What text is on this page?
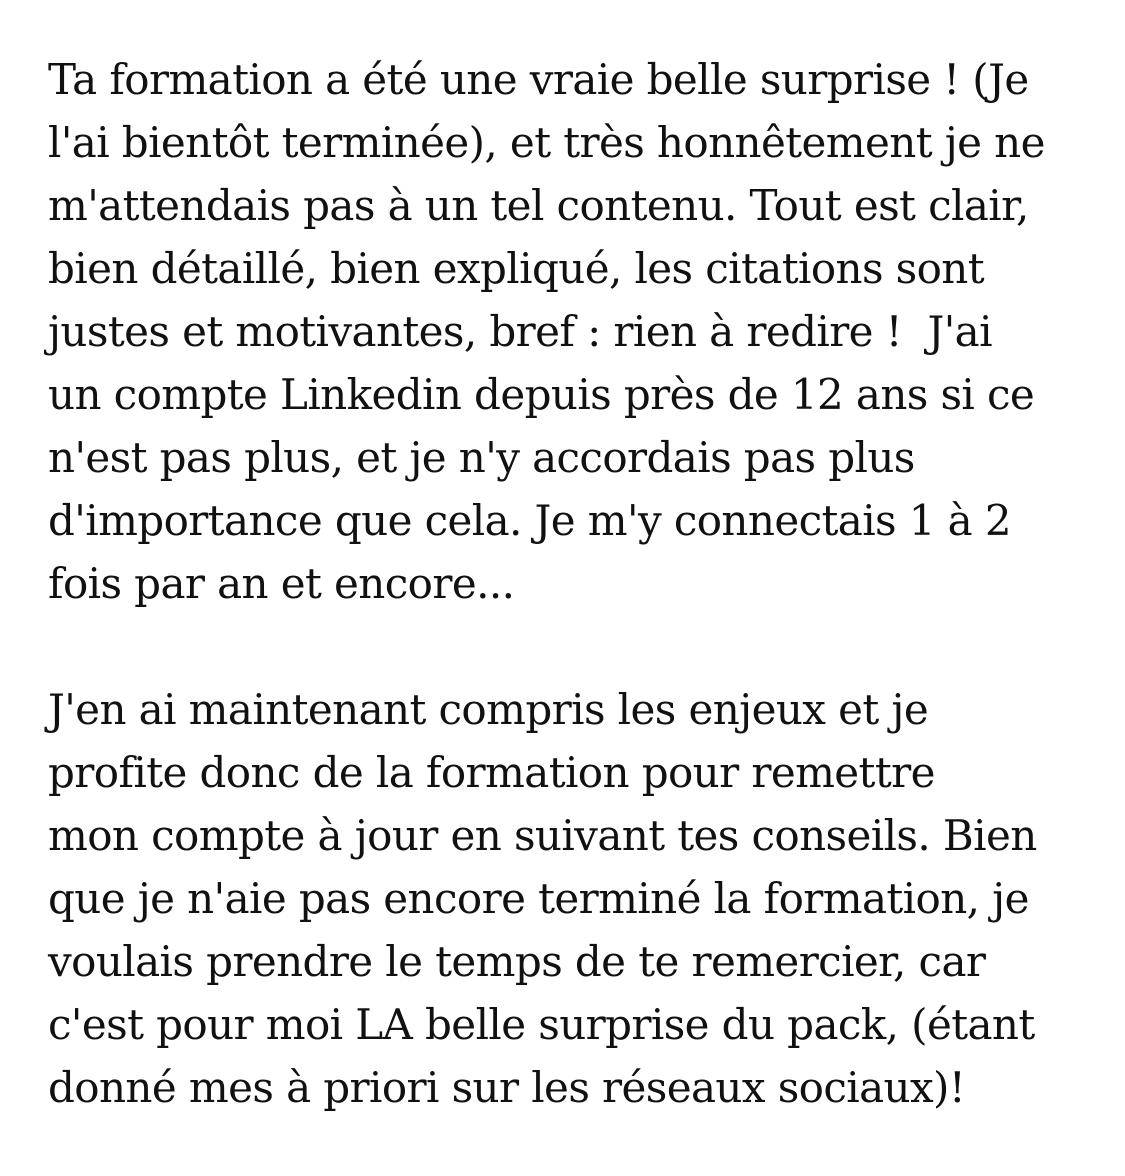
Ta formation a été une vraie belle surprise ! (Je
l'ai bientôt terminée), et très honnêtement je ne
m'attendais pas à un tel contenu. Tout est clair,
bien détaillé, bien expliqué, les citations sont
justes et motivantes, bref : rien à redire !  J'ai
un compte Linkedin depuis près de 12 ans si ce
n'est pas plus, et je n'y accordais pas plus
d'importance que cela. Je m'y connectais 1 à 2
fois par an et encore...
J'en ai maintenant compris les enjeux et je
profite donc de la formation pour remettre
mon compte à jour en suivant tes conseils. Bien
que je n'aie pas encore terminé la formation, je
voulais prendre le temps de te remercier, car
c'est pour moi LA belle surprise du pack, (étant
donné mes à priori sur les réseaux sociaux)!
